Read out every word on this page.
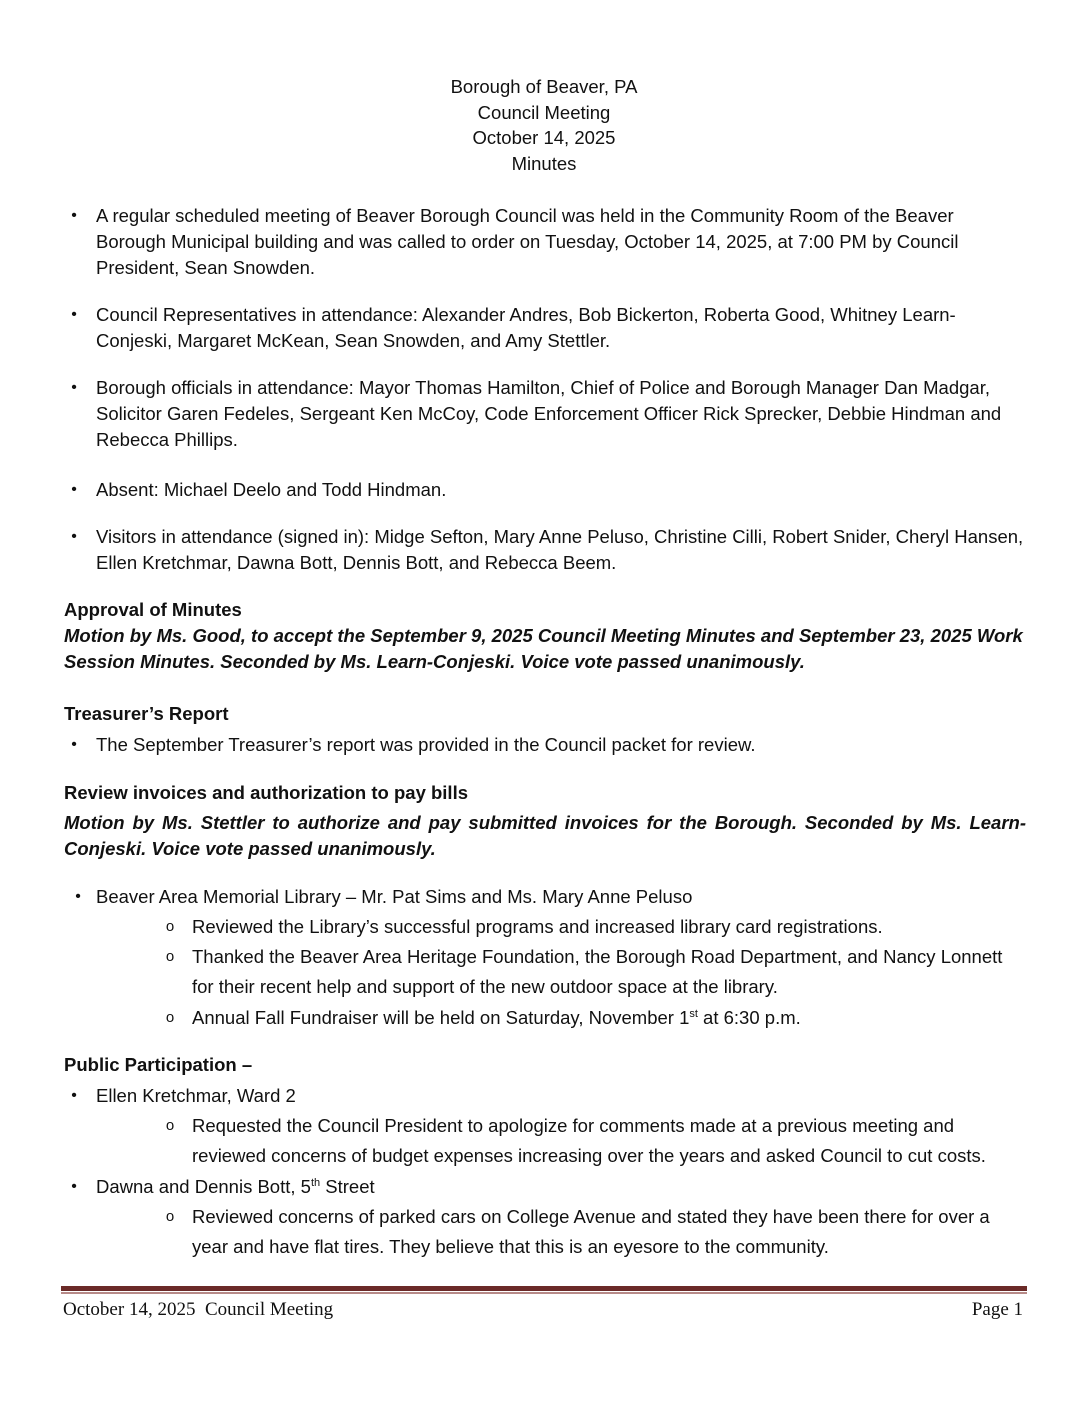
Borough of Beaver, PA
Council Meeting
October 14, 2025
Minutes
•	A regular scheduled meeting of Beaver Borough Council was held in the Community Room of the Beaver Borough Municipal building and was called to order on Tuesday, October 14, 2025, at 7:00 PM by Council President, Sean Snowden.
•	Council Representatives in attendance: Alexander Andres, Bob Bickerton, Roberta Good, Whitney Learn-Conjeski, Margaret McKean, Sean Snowden, and Amy Stettler.
•	Borough officials in attendance: Mayor Thomas Hamilton, Chief of Police and Borough Manager Dan Madgar, Solicitor Garen Fedeles, Sergeant Ken McCoy, Code Enforcement Officer Rick Sprecker, Debbie Hindman and Rebecca Phillips.
•	Absent: Michael Deelo and Todd Hindman.
•	Visitors in attendance (signed in): Midge Sefton, Mary Anne Peluso, Christine Cilli, Robert Snider, Cheryl Hansen, Ellen Kretchmar, Dawna Bott, Dennis Bott, and Rebecca Beem.
Approval of Minutes
Motion by Ms. Good, to accept the September 9, 2025 Council Meeting Minutes and September 23, 2025 Work Session Minutes. Seconded by Ms. Learn-Conjeski. Voice vote passed unanimously.
Treasurer’s Report
•	The September Treasurer’s report was provided in the Council packet for review.
Review invoices and authorization to pay bills
Motion by Ms. Stettler to authorize and pay submitted invoices for the Borough. Seconded by Ms. Learn-Conjeski. Voice vote passed unanimously.
• Beaver Area Memorial Library – Mr. Pat Sims and Ms. Mary Anne Peluso
o Reviewed the Library’s successful programs and increased library card registrations.
o Thanked the Beaver Area Heritage Foundation, the Borough Road Department, and Nancy Lonnett for their recent help and support of the new outdoor space at the library.
o Annual Fall Fundraiser will be held on Saturday, November 1st at 6:30 p.m.
Public Participation –
•	Ellen Kretchmar, Ward 2
o Requested the Council President to apologize for comments made at a previous meeting and reviewed concerns of budget expenses increasing over the years and asked Council to cut costs.
•	Dawna and Dennis Bott, 5th Street
o Reviewed concerns of parked cars on College Avenue and stated they have been there for over a year and have flat tires. They believe that this is an eyesore to the community.
October 14, 2025  Council Meeting	Page 1
